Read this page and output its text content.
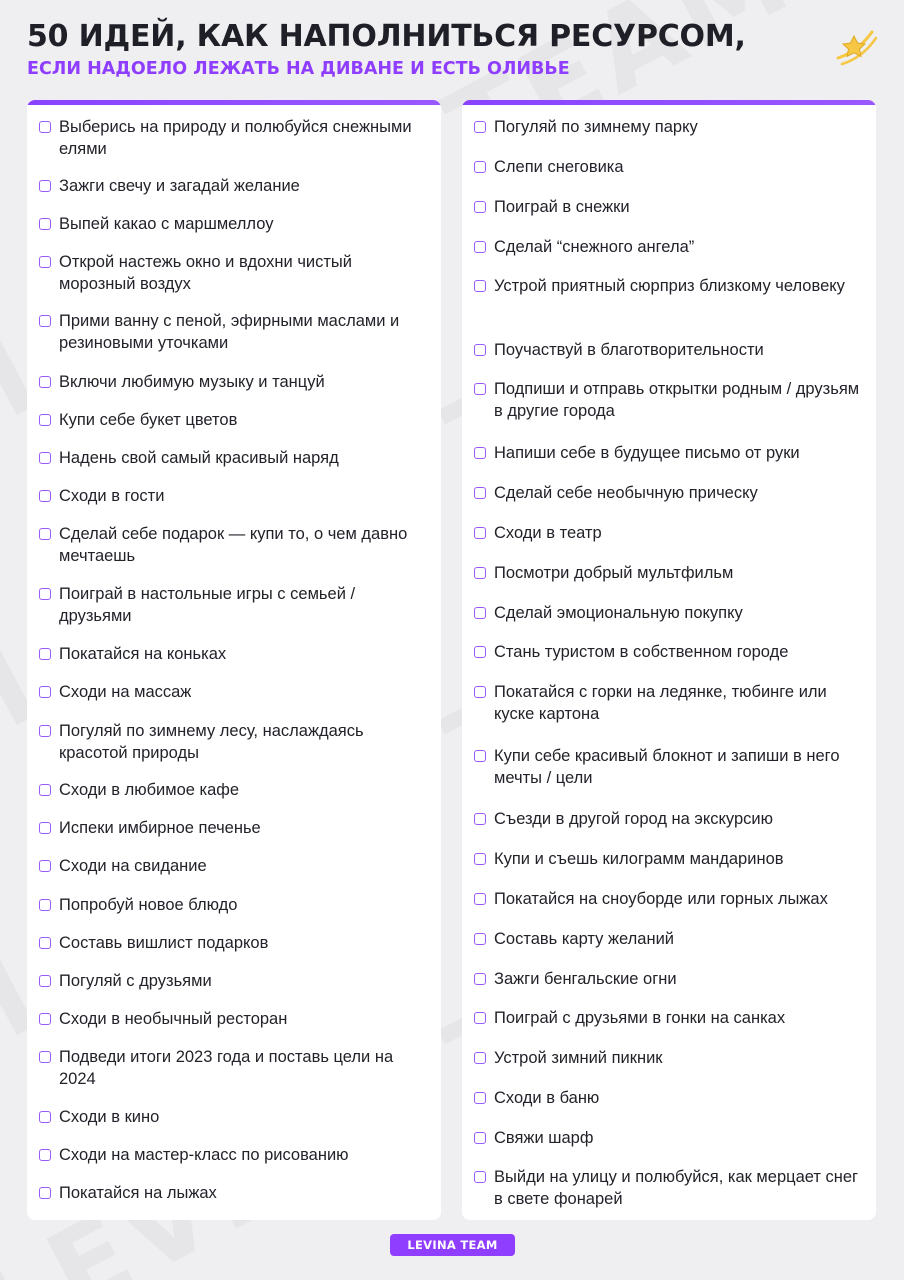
50 ИДЕЙ, КАК НАПОЛНИТЬСЯ РЕСУРСОМ,

ЕСЛИ НАДОЕЛО ЛЕЖАТЬ НА ДИВАНЕ И ЕСТЬ ОЛИВЬЕ

Выберись на природу и полюбуйся снежными елями
Зажги свечу и загадай желание
Выпей какао с маршмеллоу
Открой настежь окно и вдохни чистый морозный воздух
Прими ванну с пеной, эфирными маслами и резиновыми уточками
Включи любимую музыку и танцуй
Купи себе букет цветов
Надень свой самый красивый наряд
Сходи в гости
Сделай себе подарок — купи то, о чем давно мечтаешь
Поиграй в настольные игры с семьей / друзьями
Покатайся на коньках
Сходи на массаж
Погуляй по зимнему лесу, наслаждаясь красотой природы
Сходи в любимое кафе
Испеки имбирное печенье
Сходи на свидание
Попробуй новое блюдо
Составь вишлист подарков
Погуляй с друзьями
Сходи в необычный ресторан
Подведи итоги 2023 года и поставь цели на 2024
Сходи в кино
Сходи на мастер-класс по рисованию
Покатайся на лыжах
Погуляй по зимнему парку
Слепи снеговика
Поиграй в снежки
Сделай “снежного ангела”
Устрой приятный сюрприз близкому человеку
Поучаствуй в благотворительности
Подпиши и отправь открытки родным / друзьям в другие города
Напиши себе в будущее письмо от руки
Сделай себе необычную прическу
Сходи в театр
Посмотри добрый мультфильм
Сделай эмоциональную покупку
Стань туристом в собственном городе
Покатайся с горки на ледянке, тюбинге или куске картона
Купи себе красивый блокнот и запиши в него мечты / цели
Съезди в другой город на экскурсию
Купи и съешь килограмм мандаринов
Покатайся на сноуборде или горных лыжах
Составь карту желаний
Зажги бенгальские огни
Поиграй с друзьями в гонки на санках
Устрой зимний пикник
Сходи в баню
Свяжи шарф
Выйди на улицу и полюбуйся, как мерцает снег в свете фонарей
LEVINA TEAM
